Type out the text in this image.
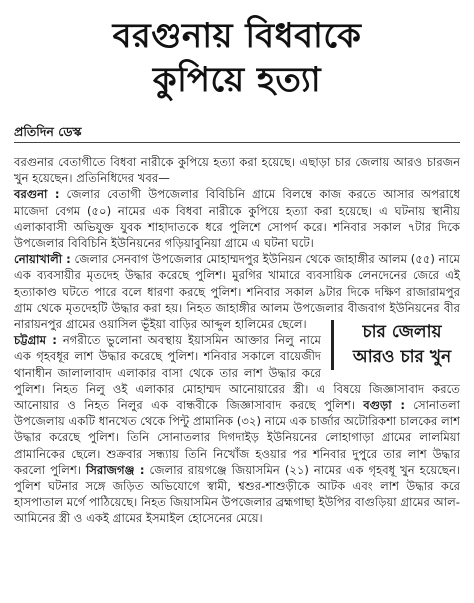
বরগুনায় বিধবাকে
কুপিয়ে হত্যা
প্রতিদিন ডেস্ক

বরগুনার বেতাগীতে বিধবা নারীকে কুপিয়ে হত্যা করা হয়েছে। এছাড়া চার জেলায় আরও চারজন খুন হয়েছেন। প্রতিনিধিদের খবর—

বরগুনা : জেলার বেতাগী উপজেলার বিবিচিনি গ্রামে বিলম্বে কাজ করতে আসার অপরাধে মাজেদা বেগম (৫০) নামের এক বিধবা নারীকে কুপিয়ে হত্যা করা হয়েছে। এ ঘটনায় স্থানীয় এলাকাবাসী অভিযুক্ত যুবক শাহাদাতকে ধরে পুলিশে সোপর্দ করে। শনিবার সকাল ৭টার দিকে উপজেলার বিবিচিনি ইউনিয়নের গড়িয়াবুনিয়া গ্রামে এ ঘটনা ঘটে।

নোয়াখালী : জেলার সেনবাগ উপজেলার মোহাম্মদপুর ইউনিয়ন থেকে জাহাঙ্গীর আলম (৫৫) নামে এক ব্যবসায়ীর মৃতদেহ উদ্ধার করেছে পুলিশ। মুরগির খামারে ব্যবসায়িক লেনদেনের জেরে এই হত্যাকাণ্ড ঘটতে পারে বলে ধারণা করছে পুলিশ। শনিবার সকাল ৯টার দিকে দক্ষিণ রাজারামপুর গ্রাম থেকে মৃতদেহটি উদ্ধার করা হয়। নিহত জাহাঙ্গীর আলম উপজেলার বীজবাগ ইউনিয়নের বীর নারায়নপুর গ্রামের ওয়াসিল ভূঁইয়া বাড়ির আব্দুল হালিমের ছেলে।	চার জেলায়
আরও চার খুন

চট্টগ্রাম : নগরীতে ভুলোনা অবস্থায় ইয়াসমিন আক্তার নিলু নামে এক গৃহবধূর লাশ উদ্ধার করেছে পুলিশ। শনিবার সকালে বায়েজীদ থানাধীন জালালাবাদ এলাকার বাসা থেকে তার লাশ উদ্ধার করে পুলিশ। নিহত নিলু ওই এলাকার মোহাম্মদ আনোয়ারের স্ত্রী। এ বিষয়ে জিজ্ঞাসাবাদ করতে আনোয়ার ও নিহত নিলুর এক বান্ধবীকে জিজ্ঞাসাবাদ করছে পুলিশ। বগুড়া : সোনাতলা উপজেলায় একটি ধানখেত থেকে পিন্টু প্রামানিক (৩২) নামে এক চার্জার অটোরিকশা চালকের লাশ উদ্ধার করেছে পুলিশ। তিনি সোনাতলার দিগদাইড় ইউনিয়নের লোহাগাড়া গ্রামের লালমিয়া প্রামানিকের ছেলে। শুক্রবার সন্ধ্যায় তিনি নিখোঁজ হওয়ার পর শনিবার দুপুরে তার লাশ উদ্ধার করলো পুলিশ। সিরাজগঞ্জ : জেলার রায়গঞ্জে জিয়াসমিন (২১) নামের এক গৃহবধূ খুন হয়েছেন। পুলিশ ঘটনার সঙ্গে জড়িত অভিযোগে স্বামী, শ্বশুর-শাশুড়ীকে আটক এবং লাশ উদ্ধার করে হাসপাতাল মর্গে পাঠিয়েছে। নিহত জিয়াসমিন উপজেলার ব্রহ্মগাছা ইউপির বাগুড়িয়া গ্রামের আল-আমিনের স্ত্রী ও একই গ্রামের ইসমাইল হোসেনের মেয়ে।
